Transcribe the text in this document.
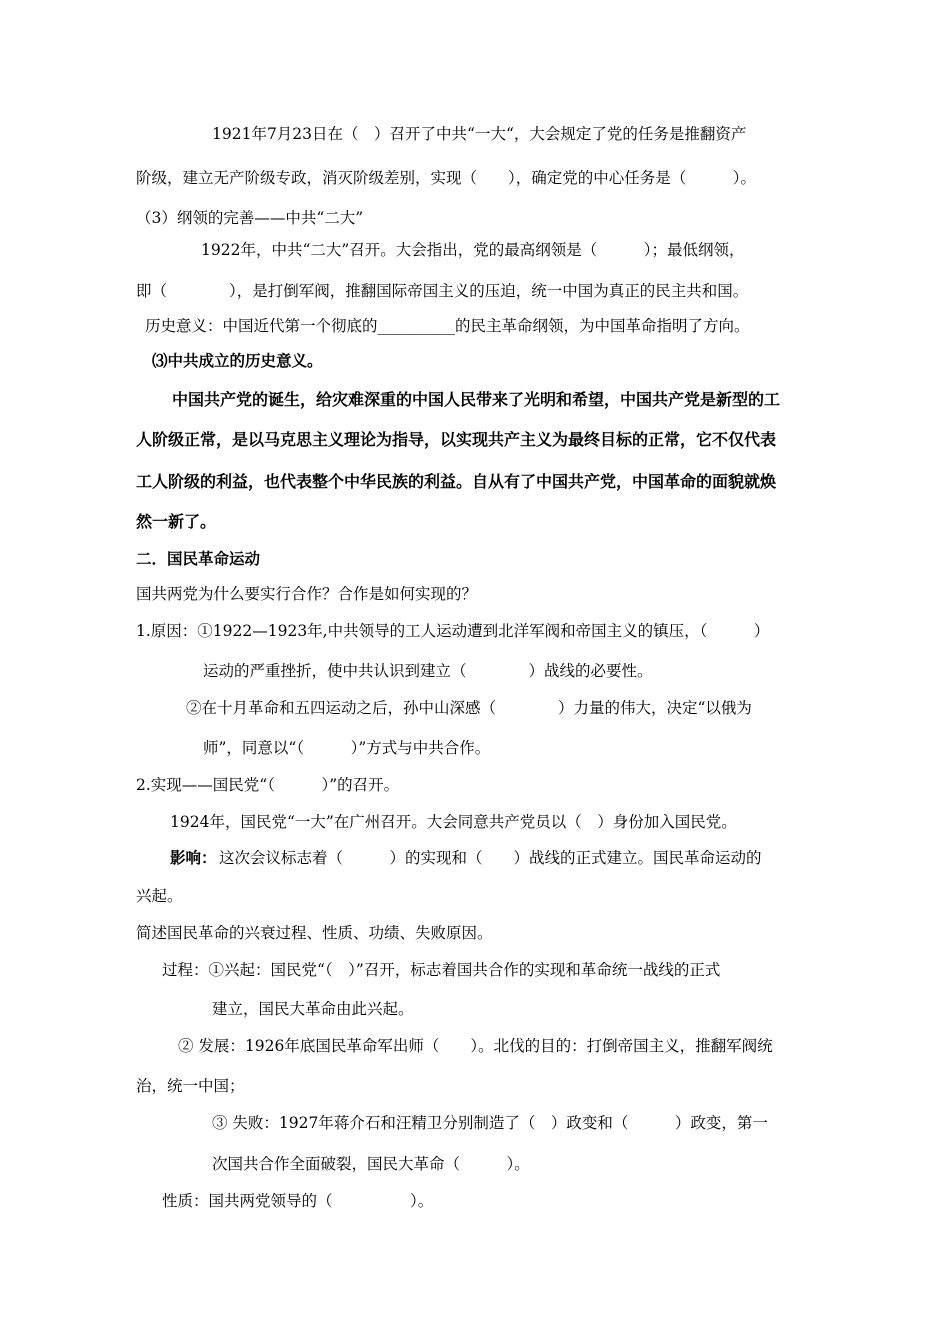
1921年7月23日在（　）召开了中共“一大“，大会规定了党的任务是推翻资产
阶级，建立无产阶级专政，消灭阶级差别，实现（　　），确定党的中心任务是（　　　）。
（3）纲领的完善——中共“二大”
1922年，中共“二大”召开。大会指出，党的最高纲领是（　　　）；最低纲领，
即（　　　　），是打倒军阀，推翻国际帝国主义的压迫，统一中国为真正的民主共和国。
历史意义：中国近代第一个彻底的__________的民主革命纲领，为中国革命指明了方向。
⑶中共成立的历史意义。
中国共产党的诞生，给灾难深重的中国人民带来了光明和希望，中国共产党是新型的工
人阶级正常，是以马克思主义理论为指导，以实现共产主义为最终目标的正常，它不仅代表
工人阶级的利益，也代表整个中华民族的利益。自从有了中国共产党，中国革命的面貌就焕
然一新了。
二．国民革命运动
国共两党为什么要实行合作？合作是如何实现的？
1.原因：①1922—1923年,中共领导的工人运动遭到北洋军阀和帝国主义的镇压，（　　　）
运动的严重挫折，使中共认识到建立（　　　　）战线的必要性。
②在十月革命和五四运动之后，孙中山深感（　　　　）力量的伟大，决定“以俄为
师”，同意以“（　　　）”方式与中共合作。
2.实现——国民党“（　　　）”的召开。
1924年，国民党“一大”在广州召开。大会同意共产党员以（　）身份加入国民党。
影响： 这次会议标志着（　　　）的实现和（　　）战线的正式建立。国民革命运动的
兴起。
简述国民革命的兴衰过程、性质、功绩、失败原因。
过程：①兴起：国民党“（　）”召开，标志着国共合作的实现和革命统一战线的正式
建立，国民大革命由此兴起。
② 发展：1926年底国民革命军出师（　　）。北伐的目的：打倒帝国主义，推翻军阀统
治，统一中国；
③ 失败：1927年蒋介石和汪精卫分别制造了（　）政变和（　　　）政变，第一
次国共合作全面破裂，国民大革命（　　　）。
性质：国共两党领导的（　　　　　）。
